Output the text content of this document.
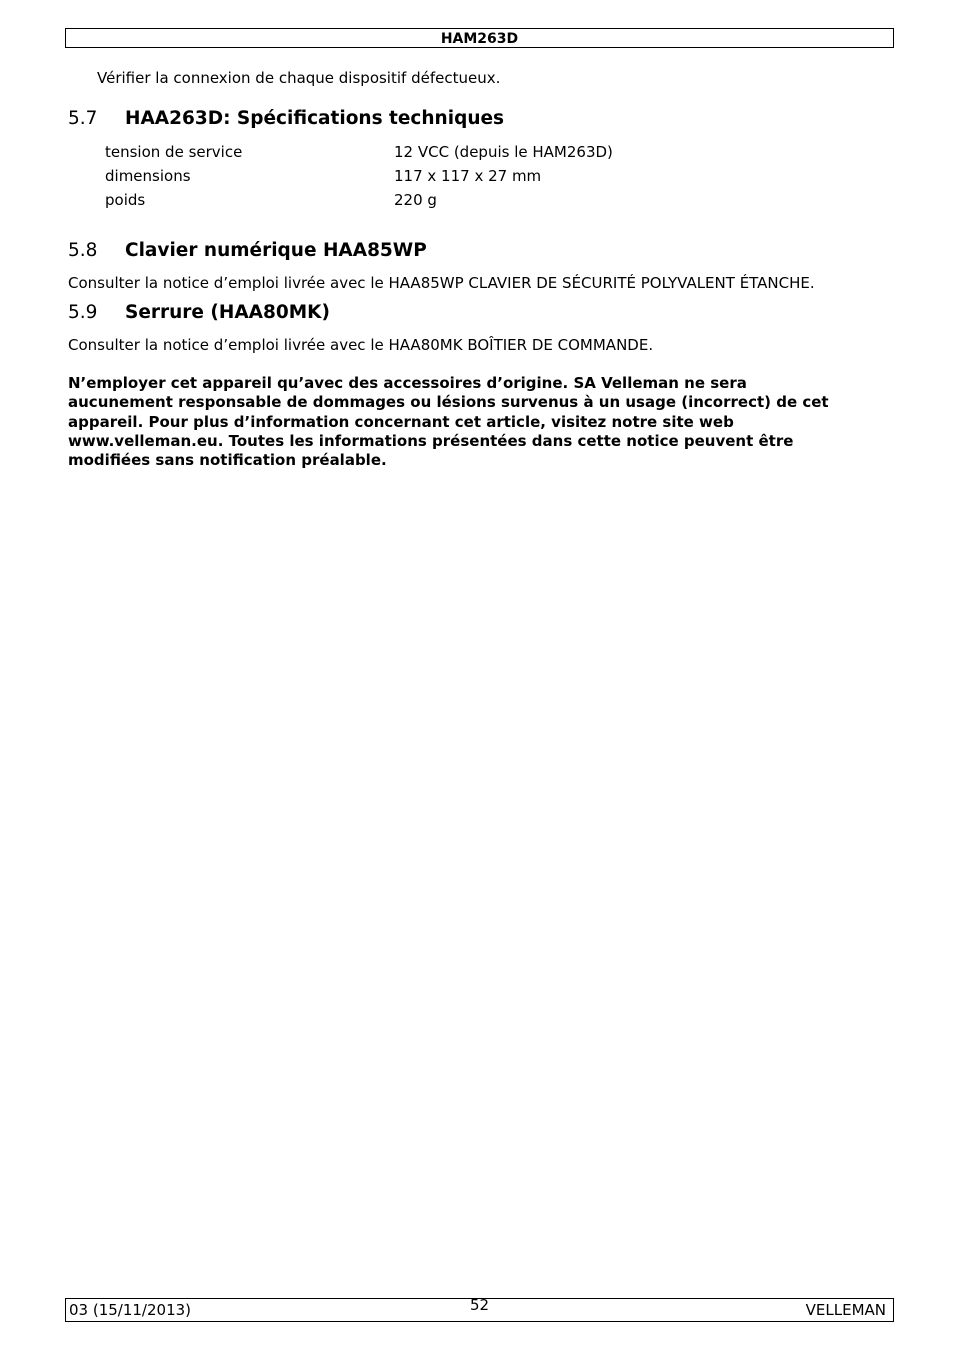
HAM263D
Vérifier la connexion de chaque dispositif défectueux.
5.7 HAA263D: Spécifications techniques
tension de service	12 VCC (depuis le HAM263D)
dimensions	117 x 117 x 27 mm
poids	220 g
5.8 Clavier numérique HAA85WP
Consulter la notice d’emploi livrée avec le HAA85WP CLAVIER DE SÉCURITÉ POLYVALENT ÉTANCHE.
5.9 Serrure (HAA80MK)
Consulter la notice d’emploi livrée avec le HAA80MK BOÎTIER DE COMMANDE.
N’employer cet appareil qu’avec des accessoires d’origine. SA Velleman ne sera
aucunement responsable de dommages ou lésions survenus à un usage (incorrect) de cet
appareil. Pour plus d’information concernant cet article, visitez notre site web
www.velleman.eu. Toutes les informations présentées dans cette notice peuvent être
modifiées sans notification préalable.
03 (15/11/2013)	52	VELLEMAN
